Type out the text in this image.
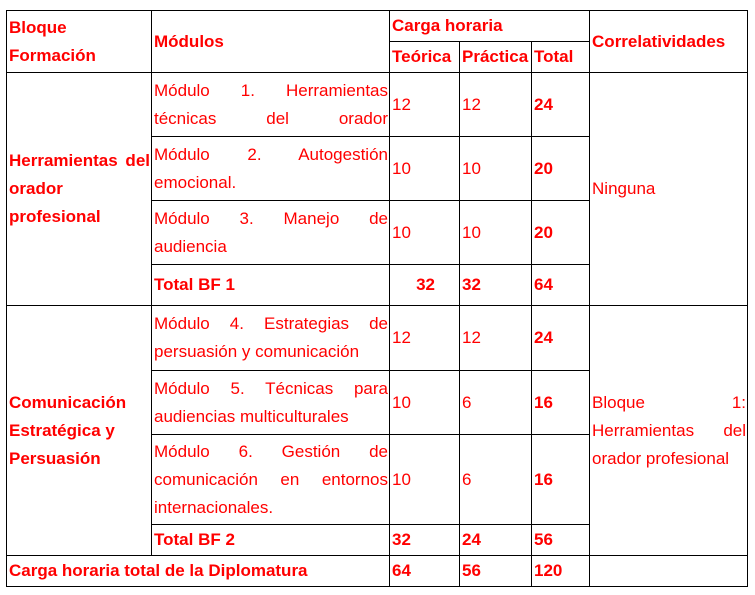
Bloque Formación	Módulos	Carga horaria			Correlatividades
		Teórica	Práctica	Total	
Herramientas del orador profesional	Módulo 1. Herramientas técnicas del orador	12	12	24	Ninguna
	Módulo 2. Autogestión emocional.	10	10	20	
	Módulo 3. Manejo de audiencia	10	10	20	
	Total BF 1	32	32	64	
Comunicación Estratégica y Persuasión	Módulo 4. Estrategias de persuasión y comunicación	12	12	24	Bloque 1: Herramientas del orador profesional
	Módulo 5. Técnicas para audiencias multiculturales	10	6	16	
	Módulo 6. Gestión de comunicación en entornos internacionales.	10	6	16	
	Total BF 2	32	24	56	
Carga horaria total de la Diplomatura		64	56	120	
